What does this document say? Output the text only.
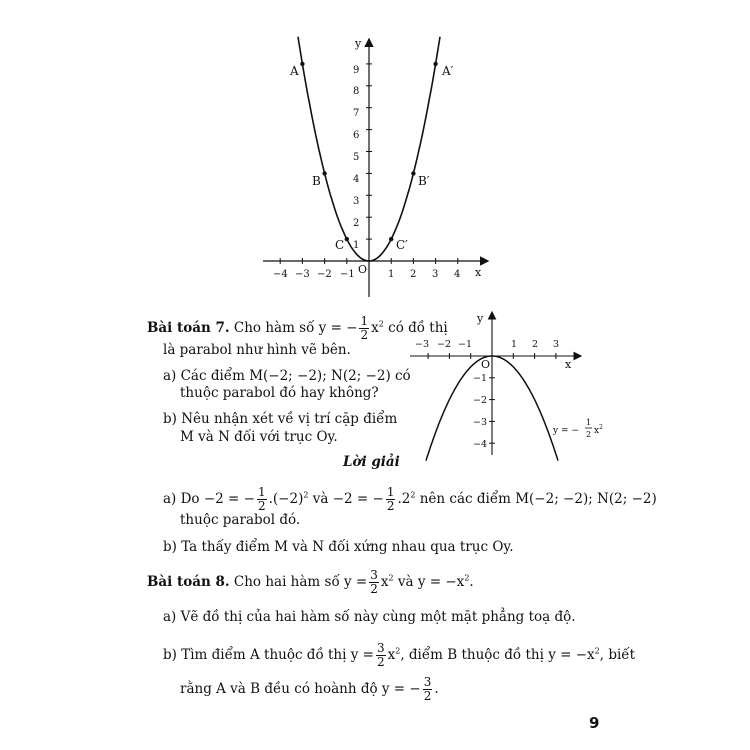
x
y
O
−4 −3 −2 −1	1 2 3 4
1
2
3
4
5
6
7
8
9
A	A′
B	B′
C	C′
x
y
O
−3 −2 −1	1 2 3
−1
−2
−3
−4
y = −
1
2 $x^2$
Bài toán 7. Cho hàm số y = − $\frac{1}{2} x^2$ có đồ thị
là parabol như hình vẽ bên.
a) Các điểm M(−2; −2); N(2; −2) có
thuộc parabol đó hay không?
b) Nêu nhận xét về vị trí cặp điểm
M và N đối với trục Oy.
Lời giải
a) Do −2 = − $\frac{1}{2} .(-2)^2$ và −2 = − $\frac{1}{2} .2^2$ nên các điểm M(−2; −2); N(2; −2)
thuộc parabol đó.
b) Ta thấy điểm M và N đối xứng nhau qua trục Oy.
Bài toán 8. Cho hai hàm số $y = \frac{3}{2} x^2$ và $y = -x^2$.
a) Vẽ đồ thị của hai hàm số này cùng một mặt phẳng toạ độ.
b) Tìm điểm A thuộc đồ thị $y = \frac{3}{2} x^2$, điểm B thuộc đồ thị $y = -x^2$, biết
rằng A và B đều có hoành độ y = − $\frac{3}{2}$ .
9
